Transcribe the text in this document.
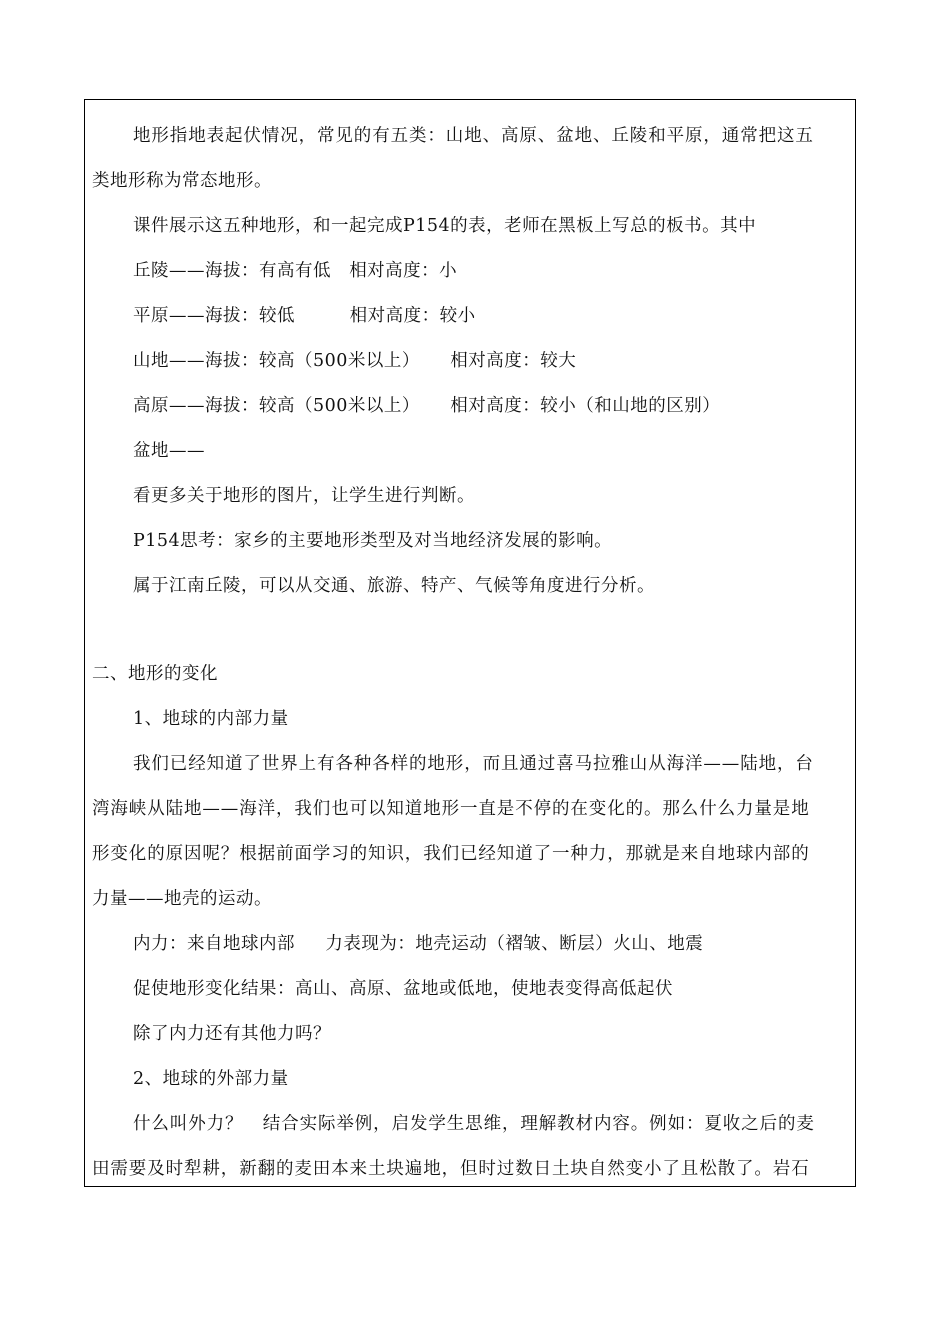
地形指地表起伏情况，常见的有五类：山地、高原、盆地、丘陵和平原，通常把这五
类地形称为常态地形。
课件展示这五种地形，和一起完成P154的表，老师在黑板上写总的板书。其中
丘陵——海拔：有高有低   相对高度：小
平原——海拔：较低         相对高度：较小
山地——海拔：较高（500米以上）     相对高度：较大
高原——海拔：较高（500米以上）     相对高度：较小（和山地的区别）
盆地——
看更多关于地形的图片，让学生进行判断。
P154思考：家乡的主要地形类型及对当地经济发展的影响。
属于江南丘陵，可以从交通、旅游、特产、气候等角度进行分析。
二、地形的变化
1、地球的内部力量
我们已经知道了世界上有各种各样的地形，而且通过喜马拉雅山从海洋——陆地，台
湾海峡从陆地——海洋，我们也可以知道地形一直是不停的在变化的。那么什么力量是地
形变化的原因呢？根据前面学习的知识，我们已经知道了一种力，那就是来自地球内部的
力量——地壳的运动。
内力：来自地球内部     力表现为：地壳运动（褶皱、断层）火山、地震
促使地形变化结果：高山、高原、盆地或低地，使地表变得高低起伏
除了内力还有其他力吗？
2、地球的外部力量
什么叫外力？   结合实际举例，启发学生思维，理解教材内容。例如：夏收之后的麦
田需要及时犁耕，新翻的麦田本来土块遍地，但时过数日土块自然变小了且松散了。岩石
